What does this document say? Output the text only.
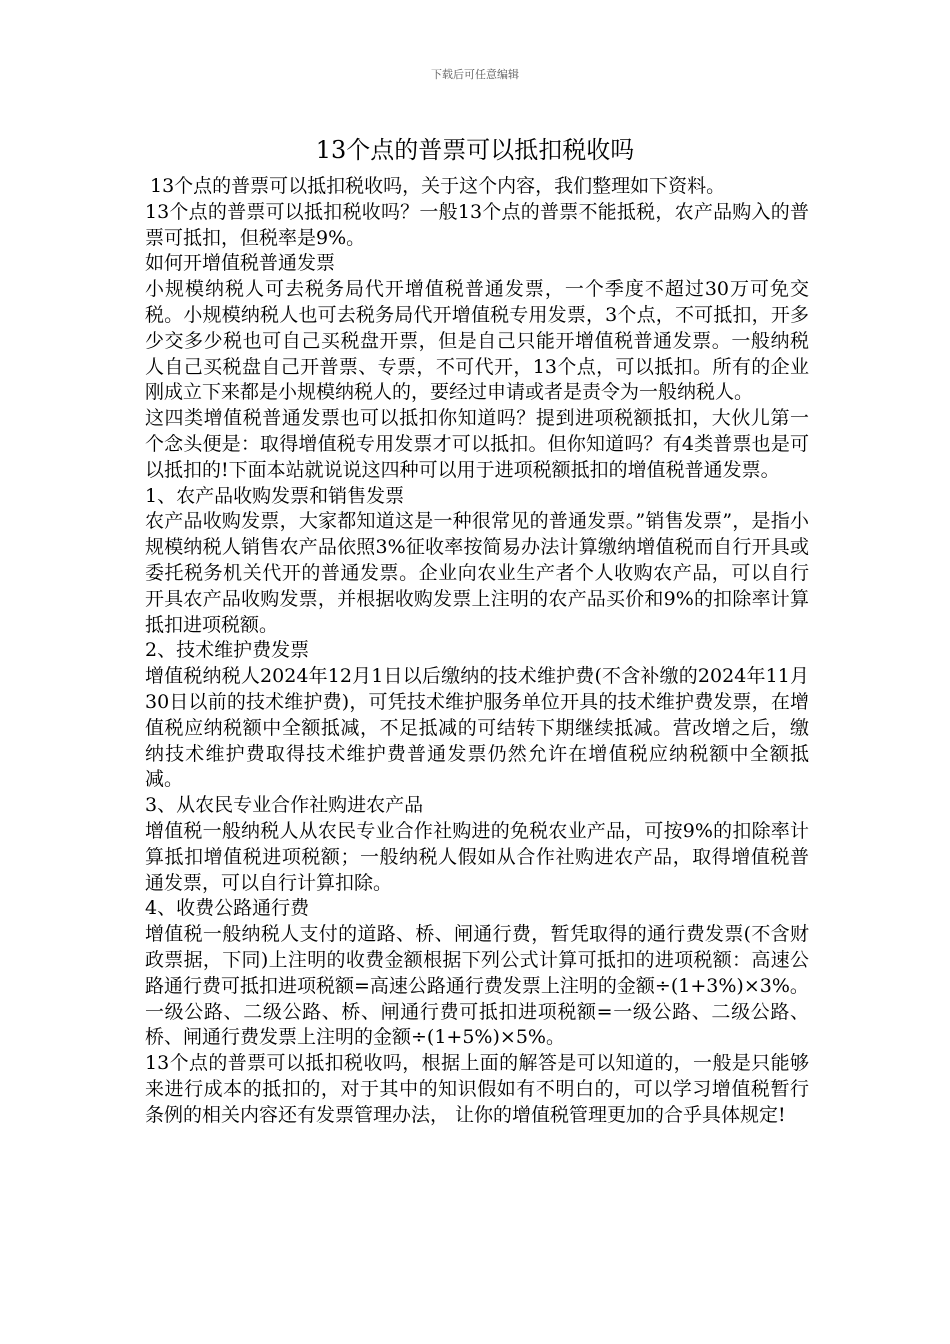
下载后可任意编辑
13个点的普票可以抵扣税收吗

13个点的普票可以抵扣税收吗，关于这个内容，我们整理如下资料。

13个点的普票可以抵扣税收吗？一般13个点的普票不能抵税，农产品购入的普票可抵扣，但税率是9%。

如何开增值税普通发票

小规模纳税人可去税务局代开增值税普通发票，一个季度不超过30万可免交税。小规模纳税人也可去税务局代开增值税专用发票，3个点，不可抵扣，开多少交多少税也可自己买税盘开票，但是自己只能开增值税普通发票。一般纳税人自己买税盘自己开普票、专票，不可代开，13个点，可以抵扣。所有的企业刚成立下来都是小规模纳税人的，要经过申请或者是责令为一般纳税人。

这四类增值税普通发票也可以抵扣你知道吗？提到进项税额抵扣，大伙儿第一个念头便是：取得增值税专用发票才可以抵扣。但你知道吗？有4类普票也是可以抵扣的!下面本站就说说这四种可以用于进项税额抵扣的增值税普通发票。

1、农产品收购发票和销售发票

农产品收购发票，大家都知道这是一种很常见的普通发票。”销售发票”，是指小规模纳税人销售农产品依照3%征收率按简易办法计算缴纳增值税而自行开具或委托税务机关代开的普通发票。企业向农业生产者个人收购农产品，可以自行开具农产品收购发票，并根据收购发票上注明的农产品买价和9%的扣除率计算抵扣进项税额。

2、技术维护费发票

增值税纳税人2024年12月1日以后缴纳的技术维护费(不含补缴的2024年11月30日以前的技术维护费)，可凭技术维护服务单位开具的技术维护费发票，在增值税应纳税额中全额抵减，不足抵减的可结转下期继续抵减。营改增之后，缴纳技术维护费取得技术维护费普通发票仍然允许在增值税应纳税额中全额抵减。

3、从农民专业合作社购进农产品

增值税一般纳税人从农民专业合作社购进的免税农业产品，可按9%的扣除率计算抵扣增值税进项税额；一般纳税人假如从合作社购进农产品，取得增值税普通发票，可以自行计算扣除。

4、收费公路通行费

增值税一般纳税人支付的道路、桥、闸通行费，暂凭取得的通行费发票(不含财政票据，下同)上注明的收费金额根据下列公式计算可抵扣的进项税额：高速公路通行费可抵扣进项税额=高速公路通行费发票上注明的金额÷(1+3%)×3%。

一级公路、二级公路、桥、闸通行费可抵扣进项税额=一级公路、二级公路、桥、闸通行费发票上注明的金额÷(1+5%)×5%。

13个点的普票可以抵扣税收吗，根据上面的解答是可以知道的，一般是只能够来进行成本的抵扣的，对于其中的知识假如有不明白的，可以学习增值税暂行条例的相关内容还有发票管理办法， 让你的增值税管理更加的合乎具体规定!
